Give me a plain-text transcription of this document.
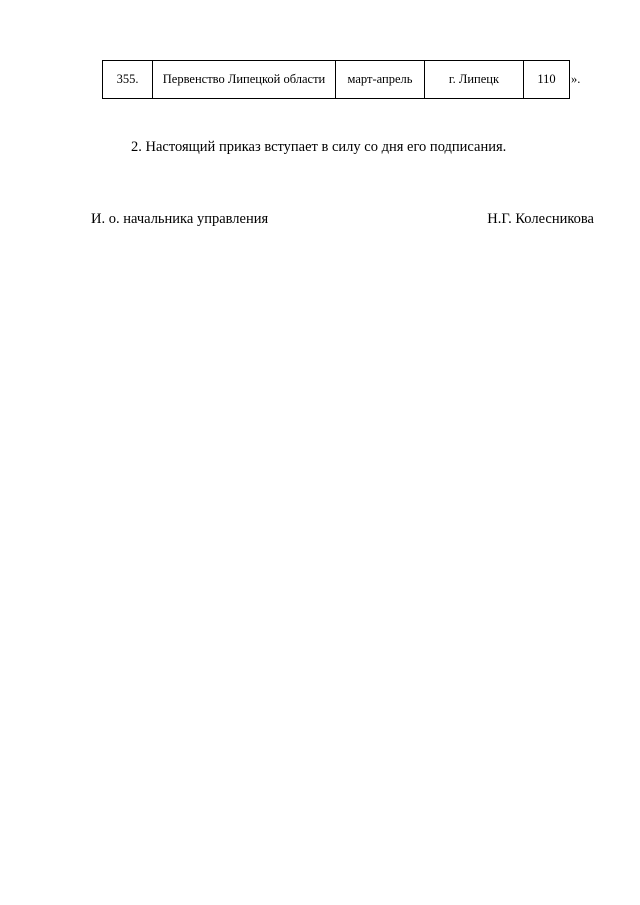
355.	Первенство Липецкой области	март-апрель	г. Липецк	110 ».
2. Настоящий приказ вступает в силу со дня его подписания.
И. о. начальника управления	Н.Г. Колесникова
